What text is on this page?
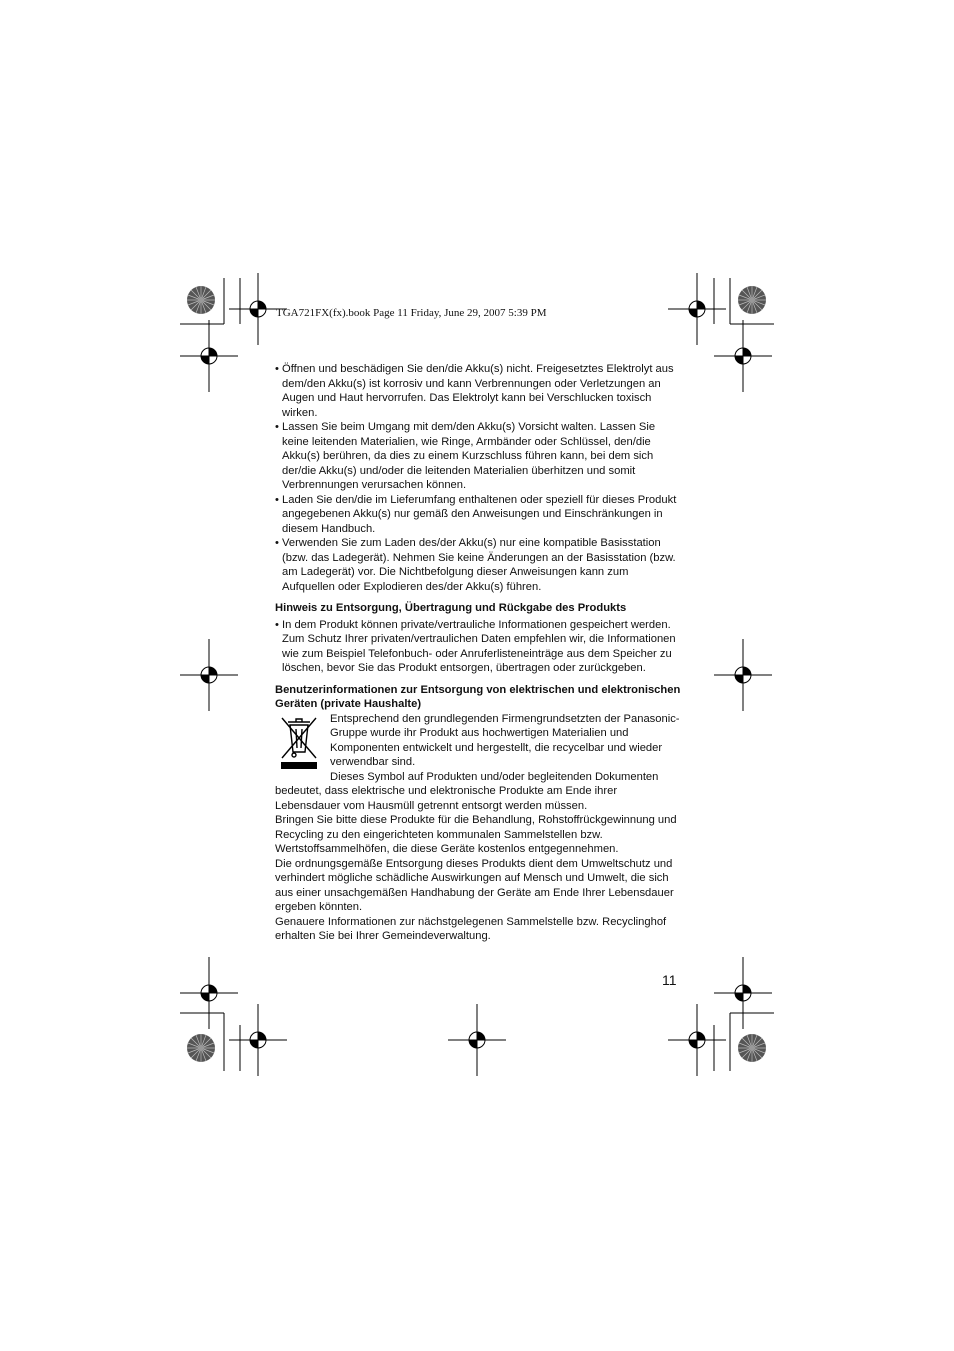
TGA721FX(fx).book Page 11 Friday, June 29, 2007 5:39 PM

• Öffnen und beschädigen Sie den/die Akku(s) nicht. Freigesetztes Elektrolyt aus dem/den Akku(s) ist korrosiv und kann Verbrennungen oder Verletzungen an Augen und Haut hervorrufen. Das Elektrolyt kann bei Verschlucken toxisch wirken.

• Lassen Sie beim Umgang mit dem/den Akku(s) Vorsicht walten. Lassen Sie keine leitenden Materialien, wie Ringe, Armbänder oder Schlüssel, den/die Akku(s) berühren, da dies zu einem Kurzschluss führen kann, bei dem sich der/die Akku(s) und/oder die leitenden Materialien überhitzen und somit Verbrennungen verursachen können.

• Laden Sie den/die im Lieferumfang enthaltenen oder speziell für dieses Produkt angegebenen Akku(s) nur gemäß den Anweisungen und Einschränkungen in diesem Handbuch.

• Verwenden Sie zum Laden des/der Akku(s) nur eine kompatible Basisstation (bzw. das Ladegerät). Nehmen Sie keine Änderungen an der Basisstation (bzw. am Ladegerät) vor. Die Nichtbefolgung dieser Anweisungen kann zum Aufquellen oder Explodieren des/der Akku(s) führen.

Hinweis zu Entsorgung, Übertragung und Rückgabe des Produkts

• In dem Produkt können private/vertrauliche Informationen gespeichert werden. Zum Schutz Ihrer privaten/vertraulichen Daten empfehlen wir, die Informationen wie zum Beispiel Telefonbuch- oder Anruferlisteneinträge aus dem Speicher zu löschen, bevor Sie das Produkt entsorgen, übertragen oder zurückgeben.

Benutzerinformationen zur Entsorgung von elektrischen und elektronischen Geräten (private Haushalte)

Entsprechend den grundlegenden Firmengrundsetzten der Panasonic-Gruppe wurde ihr Produkt aus hochwertigen Materialien und Komponenten entwickelt und hergestellt, die recycelbar und wieder verwendbar sind.

Dieses Symbol auf Produkten und/oder begleitenden Dokumenten bedeutet, dass elektrische und elektronische Produkte am Ende ihrer Lebensdauer vom Hausmüll getrennt entsorgt werden müssen.

Bringen Sie bitte diese Produkte für die Behandlung, Rohstoffrückgewinnung und Recycling zu den eingerichteten kommunalen Sammelstellen bzw. Wertstoffsammelhöfen, die diese Geräte kostenlos entgegennehmen.

Die ordnungsgemäße Entsorgung dieses Produkts dient dem Umweltschutz und verhindert mögliche schädliche Auswirkungen auf Mensch und Umwelt, die sich aus einer unsachgemäßen Handhabung der Geräte am Ende Ihrer Lebensdauer ergeben könnten.

Genauere Informationen zur nächstgelegenen Sammelstelle bzw. Recyclinghof erhalten Sie bei Ihrer Gemeindeverwaltung.

11
